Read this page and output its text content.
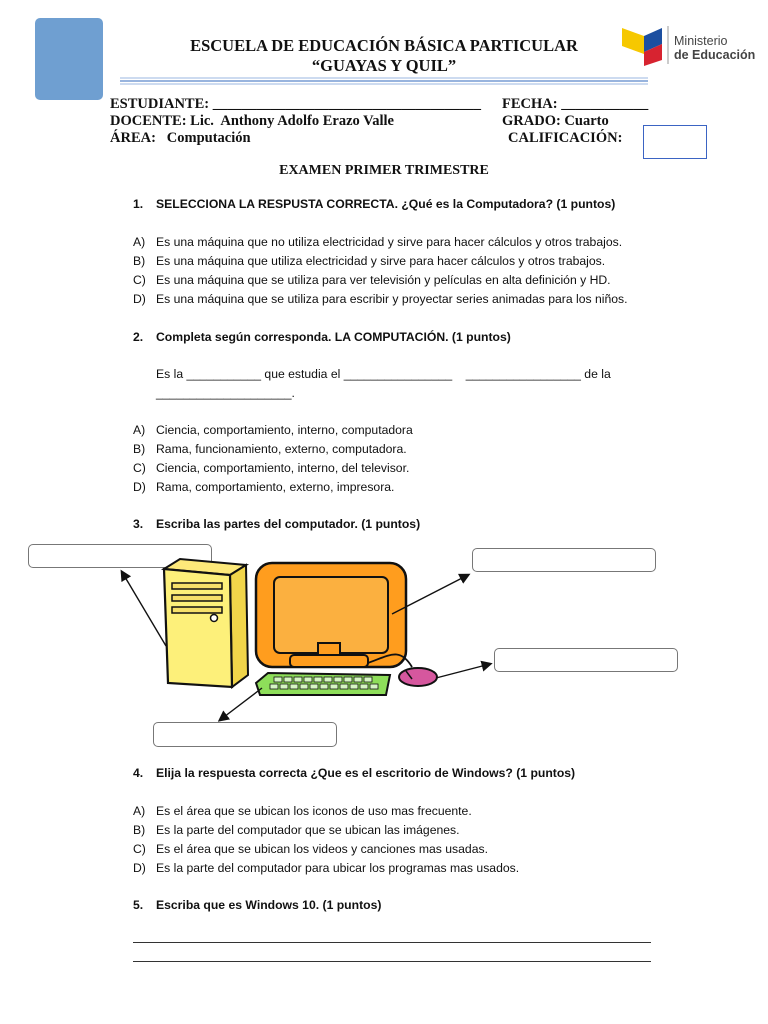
ESCUELA DE EDUCACIÓN BÁSICA PARTICULAR
“GUAYAS Y QUIL”
Ministerio
de Educación
ESTUDIANTE: _____________________________________ FECHA: ____________
DOCENTE: Lic.  Anthony Adolfo Erazo Valle	GRADO: Cuarto
ÁREA:   Computación	CALIFICACIÓN:
EXAMEN PRIMER TRIMESTRE
1. SELECCIONA LA RESPUSTA CORRECTA. ¿Qué es la Computadora? (1 puntos)
A) Es una máquina que no utiliza electricidad y sirve para hacer cálculos y otros trabajos.
B) Es una máquina que utiliza electricidad y sirve para hacer cálculos y otros trabajos.
C) Es una máquina que se utiliza para ver televisión y películas en alta definición y HD.
D) Es una máquina que se utiliza para escribir y proyectar series animadas para los niños.
2. Completa según corresponda. LA COMPUTACIÓN. (1 puntos)
Es la ___________ que estudia el ________________    _________________ de la
____________________.
A) Ciencia, comportamiento, interno, computadora
B) Rama, funcionamiento, externo, computadora.
C) Ciencia, comportamiento, interno, del televisor.
D) Rama, comportamiento, externo, impresora.
3. Escriba las partes del computador. (1 puntos)
4. Elija la respuesta correcta ¿Que es el escritorio de Windows? (1 puntos)
A) Es el área que se ubican los iconos de uso mas frecuente.
B) Es la parte del computador que se ubican las imágenes.
C) Es el área que se ubican los videos y canciones mas usadas.
D) Es la parte del computador para ubicar los programas mas usados.
5. Escriba que es Windows 10. (1 puntos)
